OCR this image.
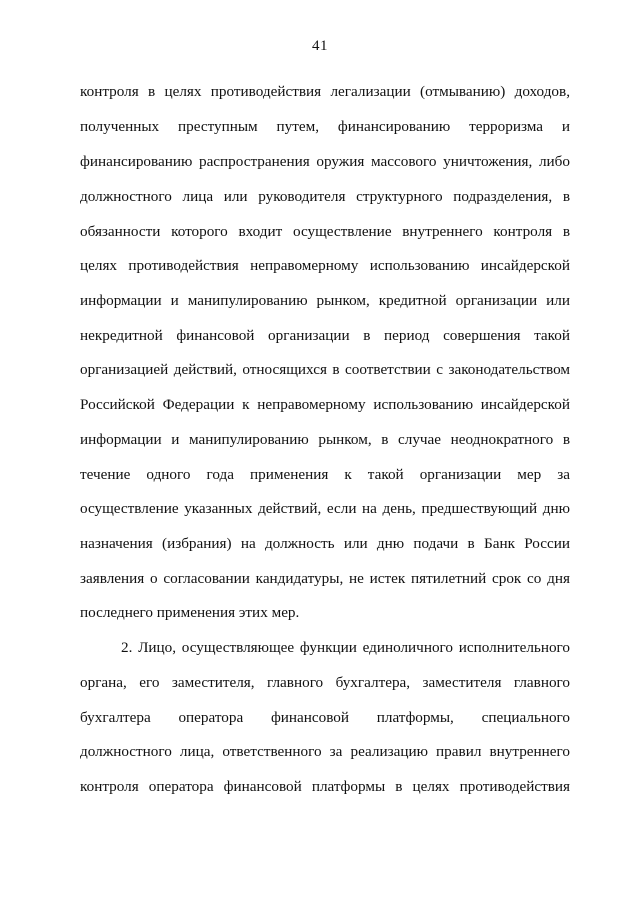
41
контроля в целях противодействия легализации (отмыванию) доходов,
полученных преступным путем, финансированию терроризма и
финансированию распространения оружия массового уничтожения, либо
должностного лица или руководителя структурного подразделения, в
обязанности которого входит осуществление внутреннего контроля в
целях противодействия неправомерному использованию инсайдерской
информации и манипулированию рынком, кредитной организации или
некредитной финансовой организации в период совершения такой
организацией действий, относящихся в соответствии с законодательством
Российской Федерации к неправомерному использованию инсайдерской
информации и манипулированию рынком, в случае неоднократного в
течение одного года применения к такой организации мер за
осуществление указанных действий, если на день, предшествующий дню
назначения (избрания) на должность или дню подачи в Банк России
заявления о согласовании кандидатуры, не истек пятилетний срок со дня
последнего применения этих мер.
2. Лицо, осуществляющее функции единоличного исполнительного
органа, его заместителя, главного бухгалтера, заместителя главного
бухгалтера оператора финансовой платформы, специального
должностного лица, ответственного за реализацию правил внутреннего
контроля оператора финансовой платформы в целях противодействия
